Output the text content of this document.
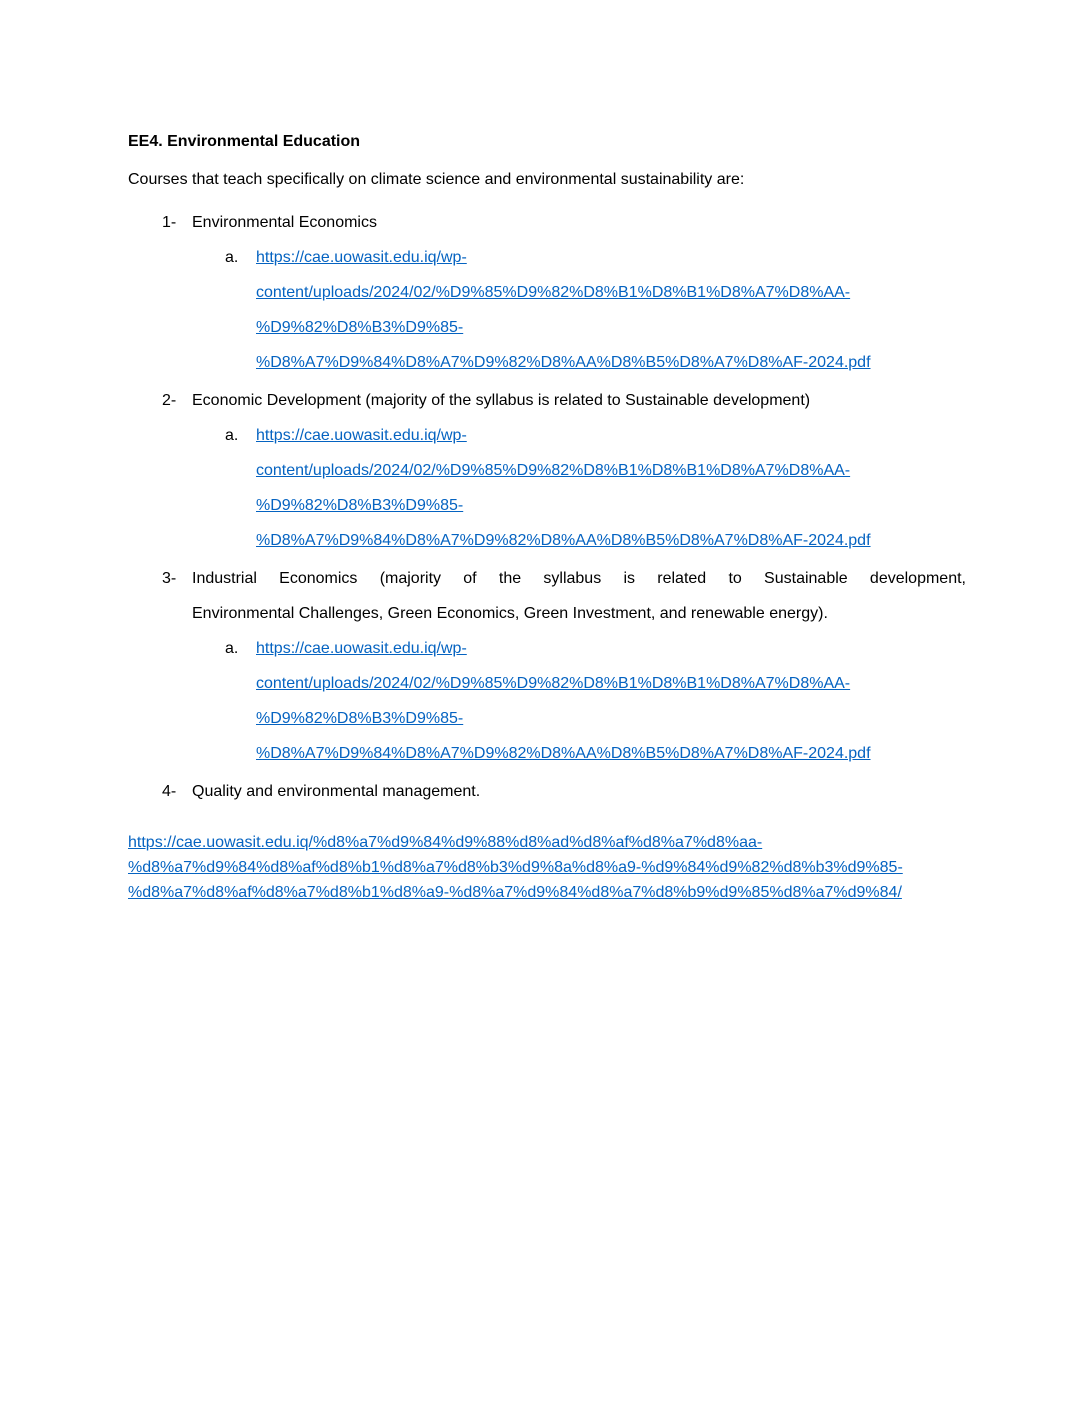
EE4. Environmental Education

Courses that teach specifically on climate science and environmental sustainability are:

1- Environmental Economics
a. https://cae.uowasit.edu.iq/wp-
content/uploads/2024/02/%D9%85%D9%82%D8%B1%D8%B1%D8%A7%D8%AA-
%D9%82%D8%B3%D9%85-
%D8%A7%D9%84%D8%A7%D9%82%D8%AA%D8%B5%D8%A7%D8%AF-2024.pdf
2- Economic Development (majority of the syllabus is related to Sustainable development)
a. https://cae.uowasit.edu.iq/wp-
content/uploads/2024/02/%D9%85%D9%82%D8%B1%D8%B1%D8%A7%D8%AA-
%D9%82%D8%B3%D9%85-
%D8%A7%D9%84%D8%A7%D9%82%D8%AA%D8%B5%D8%A7%D8%AF-2024.pdf
3- Industrial Economics (majority of the syllabus is related to Sustainable development,
Environmental Challenges, Green Economics, Green Investment, and renewable energy).
a. https://cae.uowasit.edu.iq/wp-
content/uploads/2024/02/%D9%85%D9%82%D8%B1%D8%B1%D8%A7%D8%AA-
%D9%82%D8%B3%D9%85-
%D8%A7%D9%84%D8%A7%D9%82%D8%AA%D8%B5%D8%A7%D8%AF-2024.pdf
4- Quality and environmental management.
https://cae.uowasit.edu.iq/%d8%a7%d9%84%d9%88%d8%ad%d8%af%d8%a7%d8%aa-
%d8%a7%d9%84%d8%af%d8%b1%d8%a7%d8%b3%d9%8a%d8%a9-%d9%84%d9%82%d8%b3%d9%85-
%d8%a7%d8%af%d8%a7%d8%b1%d8%a9-%d8%a7%d9%84%d8%a7%d8%b9%d9%85%d8%a7%d9%84/
